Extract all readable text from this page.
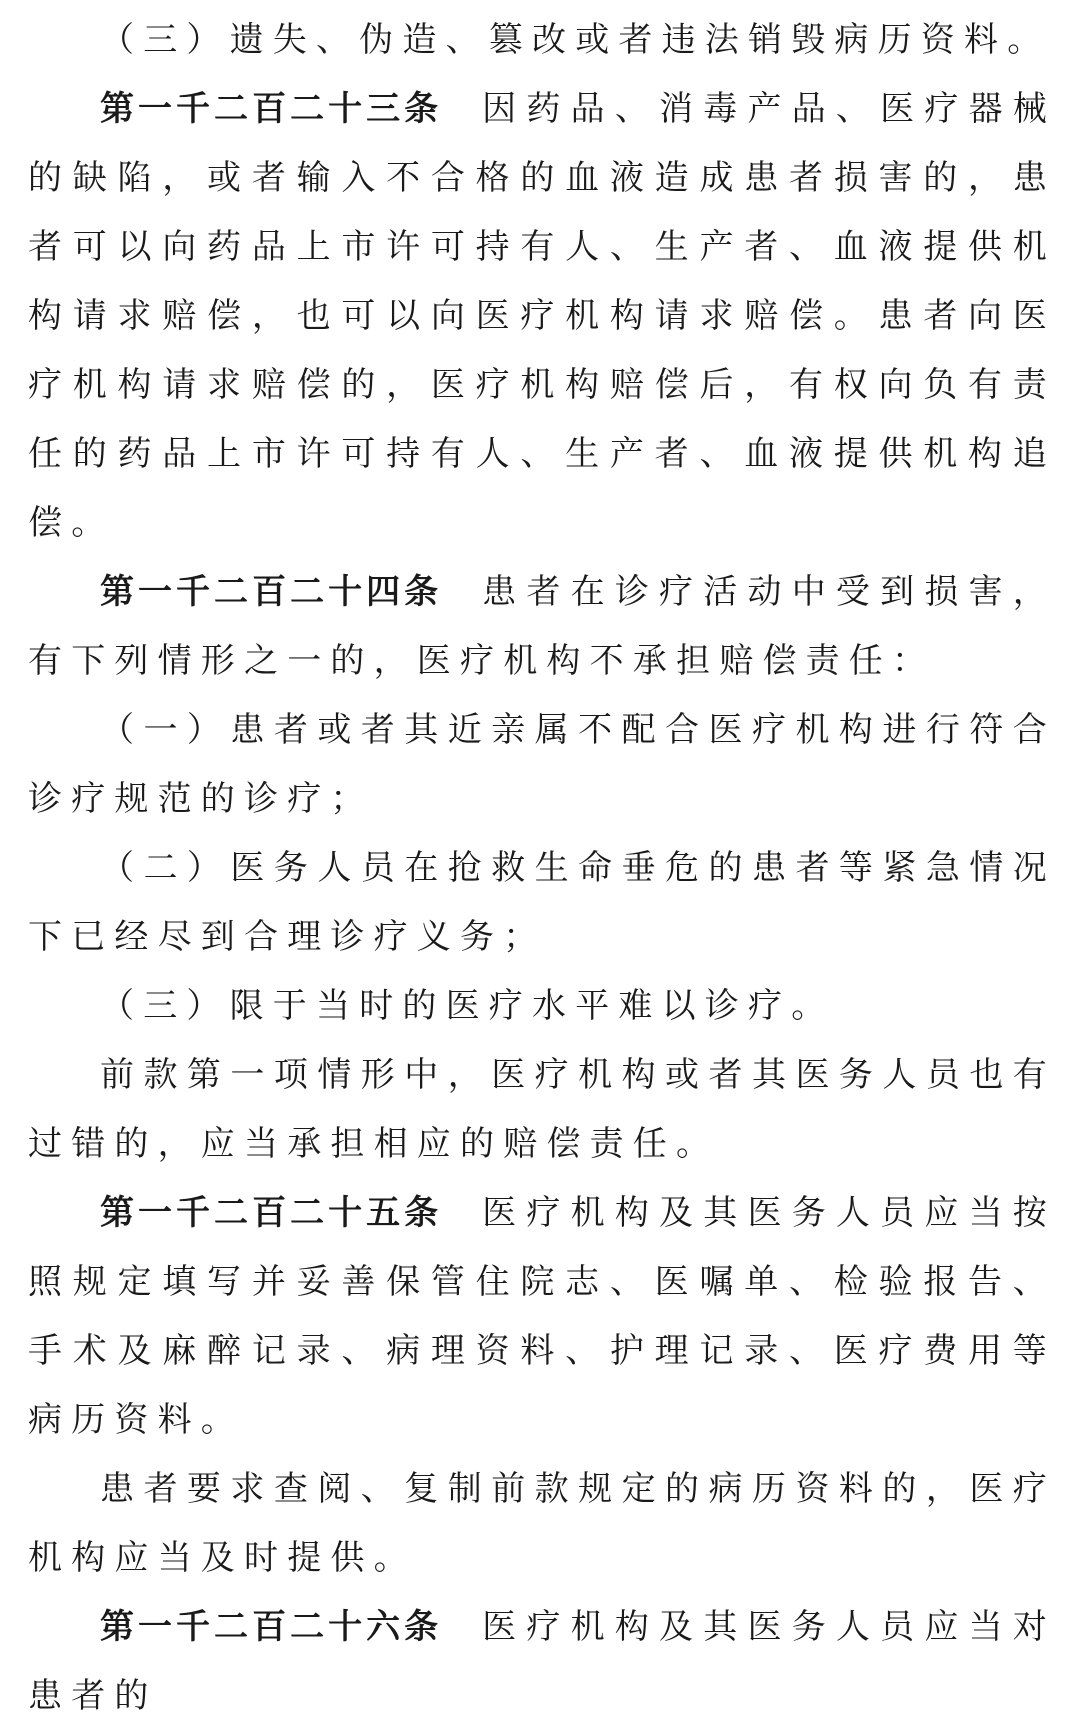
（三）遗失、伪造、篡改或者违法销毁病历资料。

第一千二百二十三条 因药品、消毒产品、医疗器械的缺陷，或者输入不合格的血液造成患者损害的，患者可以向药品上市许可持有人、生产者、血液提供机构请求赔偿，也可以向医疗机构请求赔偿。患者向医疗机构请求赔偿的，医疗机构赔偿后，有权向负有责任的药品上市许可持有人、生产者、血液提供机构追偿。

第一千二百二十四条 患者在诊疗活动中受到损害，有下列情形之一的，医疗机构不承担赔偿责任：

（一）患者或者其近亲属不配合医疗机构进行符合诊疗规范的诊疗；

（二）医务人员在抢救生命垂危的患者等紧急情况下已经尽到合理诊疗义务；

（三）限于当时的医疗水平难以诊疗。

前款第一项情形中，医疗机构或者其医务人员也有过错的，应当承担相应的赔偿责任。

第一千二百二十五条 医疗机构及其医务人员应当按照规定填写并妥善保管住院志、医嘱单、检验报告、手术及麻醉记录、病理资料、护理记录、医疗费用等病历资料。

患者要求查阅、复制前款规定的病历资料的，医疗机构应当及时提供。

第一千二百二十六条 医疗机构及其医务人员应当对患者的
